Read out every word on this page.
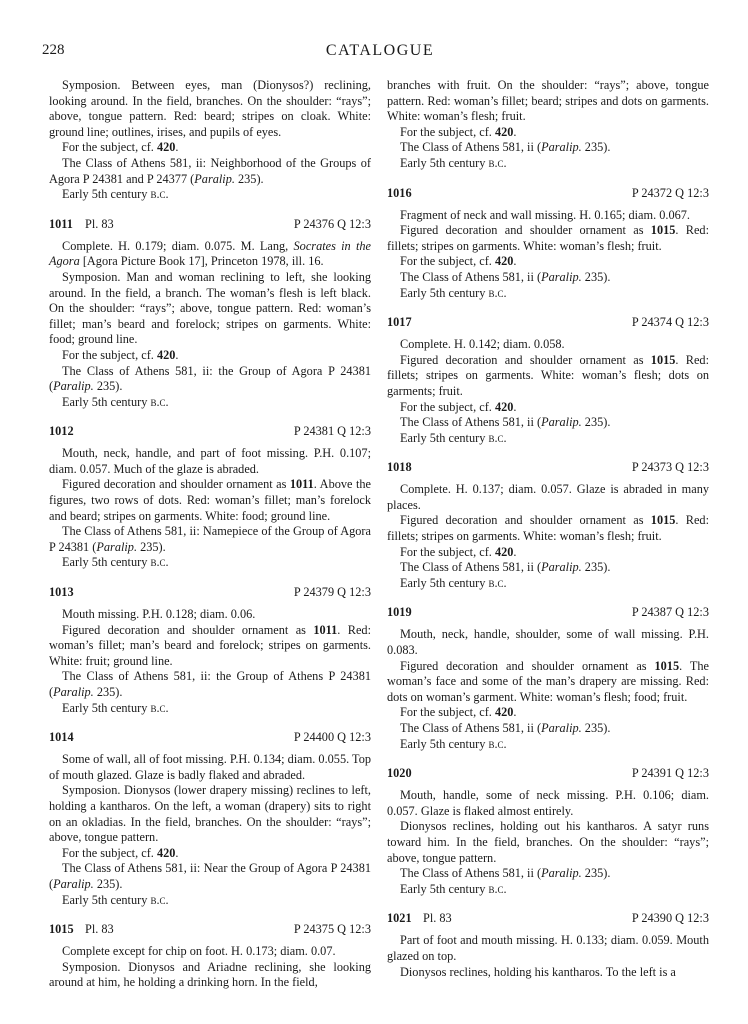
228	CATALOGUE

Symposion. Between eyes, man (Dionysos?) reclining, looking around. In the field, branches. On the shoulder: “rays”; above, tongue pattern. Red: beard; stripes on cloak. White: ground line; outlines, irises, and pupils of eyes.

For the subject, cf. 420.

The Class of Athens 581, ii: Neighborhood of the Groups of Agora P 24381 and P 24377 (Paralip. 235).

Early 5th century b.c.

1011 Pl. 83	P 24376 Q 12:3

Complete. H. 0.179; diam. 0.075. M. Lang, Socrates in the Agora [Agora Picture Book 17], Princeton 1978, ill. 16.

Symposion. Man and woman reclining to left, she looking around. In the field, a branch. The woman’s flesh is left black. On the shoulder: “rays”; above, tongue pattern. Red: woman’s fillet; man’s beard and forelock; stripes on garments. White: food; ground line.

For the subject, cf. 420.

The Class of Athens 581, ii: the Group of Agora P 24381 (Paralip. 235).

Early 5th century b.c.

1012	P 24381 Q 12:3

Mouth, neck, handle, and part of foot missing. P.H. 0.107; diam. 0.057. Much of the glaze is abraded.

Figured decoration and shoulder ornament as 1011. Above the figures, two rows of dots. Red: woman’s fillet; man’s forelock and beard; stripes on garments. White: food; ground line.

The Class of Athens 581, ii: Namepiece of the Group of Agora P 24381 (Paralip. 235).

Early 5th century b.c.

1013	P 24379 Q 12:3

Mouth missing. P.H. 0.128; diam. 0.06.

Figured decoration and shoulder ornament as 1011. Red: woman’s fillet; man’s beard and forelock; stripes on garments. White: fruit; ground line.

The Class of Athens 581, ii: the Group of Athens P 24381 (Paralip. 235).

Early 5th century b.c.

1014	P 24400 Q 12:3

Some of wall, all of foot missing. P.H. 0.134; diam. 0.055. Top of mouth glazed. Glaze is badly flaked and abraded.

Symposion. Dionysos (lower drapery missing) reclines to left, holding a kantharos. On the left, a woman (drapery) sits to right on an okladias. In the field, branches. On the shoulder: “rays”; above, tongue pattern.

For the subject, cf. 420.

The Class of Athens 581, ii: Near the Group of Agora P 24381 (Paralip. 235).

Early 5th century b.c.

1015 Pl. 83	P 24375 Q 12:3

Complete except for chip on foot. H. 0.173; diam. 0.07.

Symposion. Dionysos and Ariadne reclining, she looking around at him, he holding a drinking horn. In the field,

branches with fruit. On the shoulder: “rays”; above, tongue pattern. Red: woman’s fillet; beard; stripes and dots on garments. White: woman’s flesh; fruit.

For the subject, cf. 420.

The Class of Athens 581, ii (Paralip. 235).

Early 5th century b.c.

1016	P 24372 Q 12:3

Fragment of neck and wall missing. H. 0.165; diam. 0.067.

Figured decoration and shoulder ornament as 1015. Red: fillets; stripes on garments. White: woman’s flesh; fruit.

For the subject, cf. 420.

The Class of Athens 581, ii (Paralip. 235).

Early 5th century b.c.

1017	P 24374 Q 12:3

Complete. H. 0.142; diam. 0.058.

Figured decoration and shoulder ornament as 1015. Red: fillets; stripes on garments. White: woman’s flesh; dots on garments; fruit.

For the subject, cf. 420.

The Class of Athens 581, ii (Paralip. 235).

Early 5th century b.c.

1018	P 24373 Q 12:3

Complete. H. 0.137; diam. 0.057. Glaze is abraded in many places.

Figured decoration and shoulder ornament as 1015. Red: fillets; stripes on garments. White: woman’s flesh; fruit.

For the subject, cf. 420.

The Class of Athens 581, ii (Paralip. 235).

Early 5th century b.c.

1019	P 24387 Q 12:3

Mouth, neck, handle, shoulder, some of wall missing. P.H. 0.083.

Figured decoration and shoulder ornament as 1015. The woman’s face and some of the man’s drapery are missing. Red: dots on woman’s garment. White: woman’s flesh; food; fruit.

For the subject, cf. 420.

The Class of Athens 581, ii (Paralip. 235).

Early 5th century b.c.

1020	P 24391 Q 12:3

Mouth, handle, some of neck missing. P.H. 0.106; diam. 0.057. Glaze is flaked almost entirely.

Dionysos reclines, holding out his kantharos. A satyr runs toward him. In the field, branches. On the shoulder: “rays”; above, tongue pattern.

The Class of Athens 581, ii (Paralip. 235).

Early 5th century b.c.

1021 Pl. 83	P 24390 Q 12:3

Part of foot and mouth missing. H. 0.133; diam. 0.059. Mouth glazed on top.

Dionysos reclines, holding his kantharos. To the left is a
